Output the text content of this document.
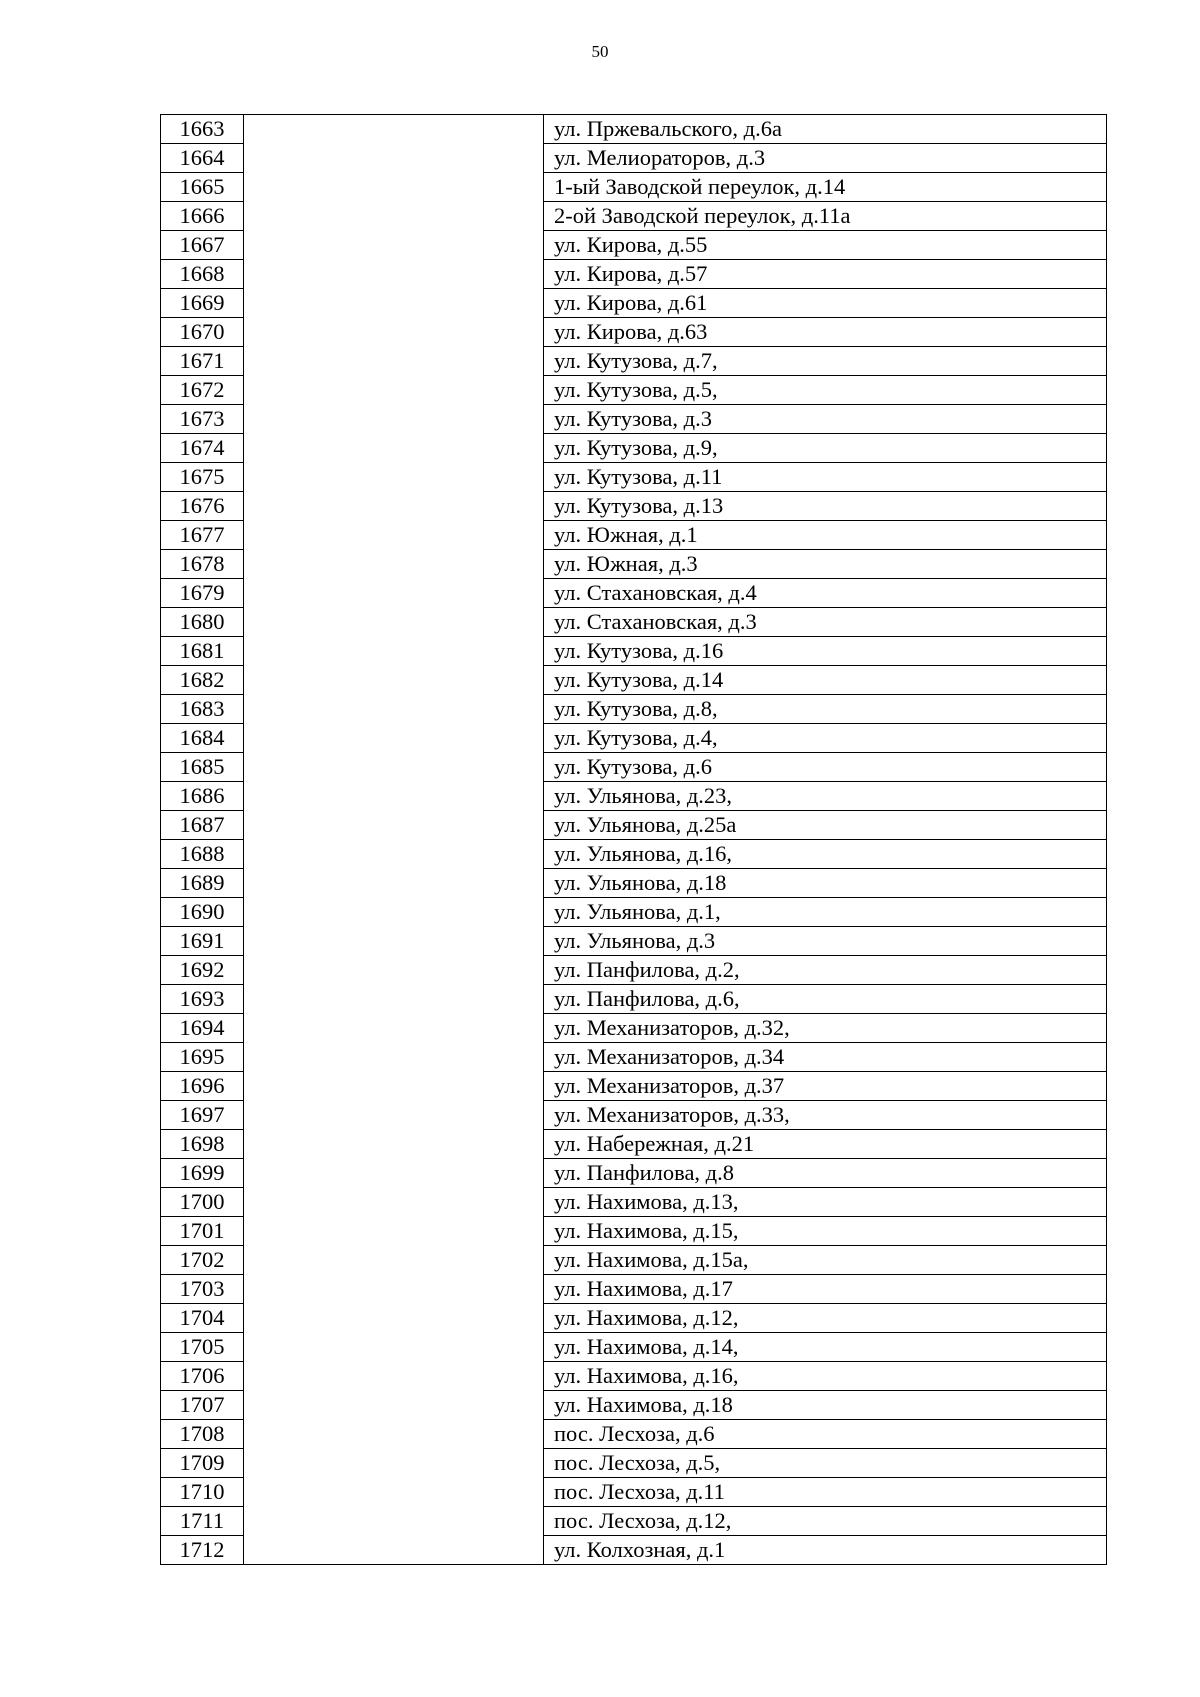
50
1663		ул. Пржевальского, д.6а
1664		ул. Мелиораторов, д.3
1665		1-ый Заводской переулок, д.14
1666		2-ой Заводской переулок, д.11а
1667		ул. Кирова, д.55
1668		ул. Кирова, д.57
1669		ул. Кирова, д.61
1670		ул. Кирова, д.63
1671		ул. Кутузова, д.7,
1672		ул. Кутузова, д.5,
1673		ул. Кутузова, д.3
1674		ул. Кутузова, д.9,
1675		ул. Кутузова, д.11
1676		ул. Кутузова, д.13
1677		ул. Южная, д.1
1678		ул. Южная, д.3
1679		ул. Стахановская, д.4
1680		ул. Стахановская, д.3
1681		ул. Кутузова, д.16
1682		ул. Кутузова, д.14
1683		ул. Кутузова, д.8,
1684		ул. Кутузова, д.4,
1685		ул. Кутузова, д.6
1686		ул. Ульянова, д.23,
1687		ул. Ульянова, д.25а
1688		ул. Ульянова, д.16,
1689		ул. Ульянова, д.18
1690		ул. Ульянова, д.1,
1691		ул. Ульянова, д.3
1692		ул. Панфилова, д.2,
1693		ул. Панфилова, д.6,
1694		ул. Механизаторов, д.32,
1695		ул. Механизаторов, д.34
1696		ул. Механизаторов, д.37
1697		ул. Механизаторов, д.33,
1698		ул. Набережная, д.21
1699		ул. Панфилова, д.8
1700		ул. Нахимова, д.13,
1701		ул. Нахимова, д.15,
1702		ул. Нахимова, д.15а,
1703		ул. Нахимова, д.17
1704		ул. Нахимова, д.12,
1705		ул. Нахимова, д.14,
1706		ул. Нахимова, д.16,
1707		ул. Нахимова, д.18
1708		пос. Лесхоза, д.6
1709		пос. Лесхоза, д.5,
1710		пос. Лесхоза, д.11
1711		пос. Лесхоза, д.12,
1712		ул. Колхозная, д.1
